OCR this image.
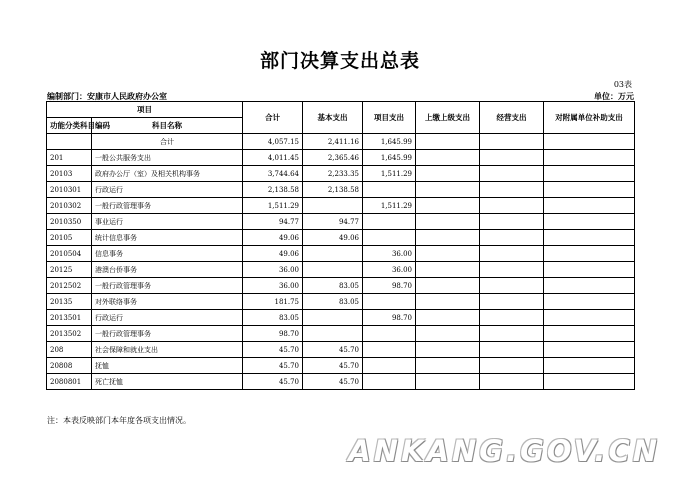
部门决算支出总表
03表
编制部门：安康市人民政府办公室	单位：万元
项目		合计	基本支出	项目支出	上缴上级支出	经营支出	对附属单位补助支出
功能分类科目编码	科目名称						
	合计	4,057.15	2,411.16	1,645.99			
201	一般公共服务支出	4,011.45	2,365.46	1,645.99			
20103	政府办公厅（室）及相关机构事务	3,744.64	2,233.35	1,511.29			
2010301	行政运行	2,138.58	2,138.58				
2010302	一般行政管理事务	1,511.29		1,511.29			
2010350	事业运行	94.77	94.77				
20105	统计信息事务	49.06	49.06				
2010504	信息事务	49.06		36.00			
20125	港澳台侨事务	36.00		36.00			
2012502	一般行政管理事务	36.00	83.05	98.70			
20135	对外联络事务	181.75	83.05				
2013501	行政运行	83.05		98.70			
2013502	一般行政管理事务	98.70					
208	社会保障和就业支出	45.70	45.70				
20808	抚恤	45.70	45.70				
2080801	死亡抚恤	45.70	45.70				
注：本表反映部门本年度各项支出情况。
ANKANG.GOV.CN
